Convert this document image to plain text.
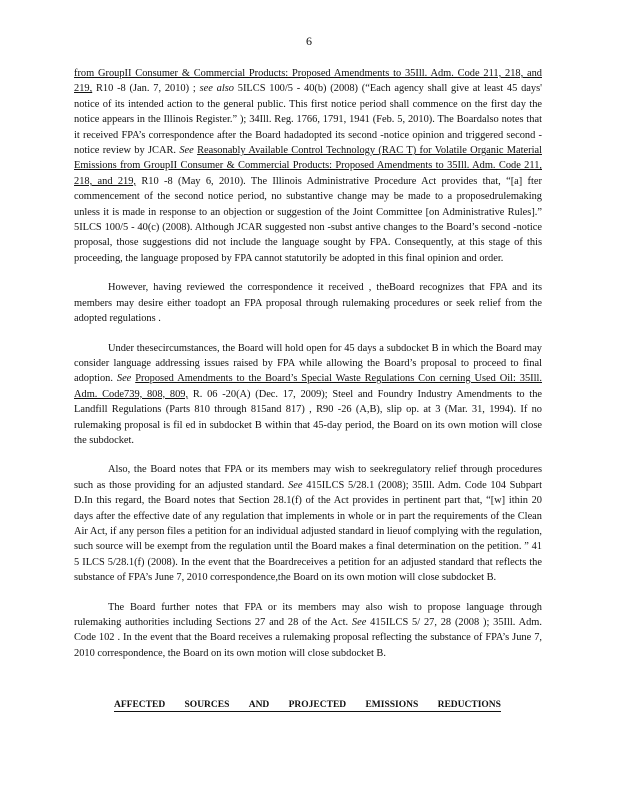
6

from GroupII Consumer & Commercial Products: Proposed Amendments to 35Ill. Adm. Code 211, 218, and 219, R10 -8 (Jan. 7, 2010) ; see also 5ILCS 100/5 - 40(b) (2008) (“Each agency shall give at least 45 days' notice of its intended action to the general public. This first notice period shall commence on the first day the notice appears in the Illinois Register.” ); 34Ill. Reg. 1766, 1791, 1941 (Feb. 5, 2010). The Boardalso notes that it received FPA’s correspondence after the Board hadadopted its second -notice opinion and triggered second -notice review by JCAR. See Reasonably Available Control Technology (RAC T) for Volatile Organic Material Emissions from GroupII Consumer & Commercial Products: Proposed Amendments to 35Ill. Adm. Code 211, 218, and 219, R10 -8 (May 6, 2010). The Illinois Administrative Procedure Act provides that, “[a] fter commencement of the second notice period, no substantive change may be made to a proposedrulemaking unless it is made in response to an objection or suggestion of the Joint Committee [on Administrative Rules].” 5ILCS 100/5 - 40(c) (2008). Although JCAR suggested non -subst antive changes to the Board’s second -notice proposal, those suggestions did not include the language sought by FPA. Consequently, at this stage of this proceeding, the language proposed by FPA cannot statutorily be adopted in this final opinion and order.

However, having reviewed the correspondence it received , theBoard recognizes that FPA and its members may desire either toadopt an FPA proposal through rulemaking procedures or seek relief from the adopted regulations .

Under thesecircumstances, the Board will hold open for 45 days a subdocket B in which the Board may consider language addressing issues raised by FPA while allowing the Board’s proposal to proceed to final adoption. See Proposed Amendments to the Board’s Special Waste Regulations Con cerning Used Oil: 35Ill. Adm. Code739, 808, 809, R. 06 -20(A) (Dec. 17, 2009); Steel and Foundry Industry Amendments to the Landfill Regulations (Parts 810 through 815and 817) , R90 -26 (A,B), slip op. at 3 (Mar. 31, 1994). If no rulemaking proposal is fil ed in subdocket B within that 45-day period, the Board on its own motion will close the subdocket.

Also, the Board notes that FPA or its members may wish to seekregulatory relief through procedures such as those providing for an adjusted standard. See 415ILCS 5/28.1 (2008); 35Ill. Adm. Code 104 Subpart D.In this regard, the Board notes that Section 28.1(f) of the Act provides in pertinent part that, “[w] ithin 20 days after the effective date of any regulation that implements in whole or in part the requirements of the Clean Air Act, if any person files a petition for an individual adjusted standard in lieuof complying with the regulation, such source will be exempt from the regulation until the Board makes a final determination on the petition. ” 41 5 ILCS 5/28.1(f) (2008). In the event that the Boardreceives a petition for an adjusted standard that reflects the substance of FPA’s June 7, 2010 correspondence,the Board on its own motion will close subdocket B.

The Board further notes that FPA or its members may also wish to propose language through rulemaking authorities including Sections 27 and 28 of the Act. See 415ILCS 5/ 27, 28 (2008 ); 35Ill. Adm. Code 102 . In the event that the Board receives a rulemaking proposal reflecting the substance of FPA’s June 7, 2010 correspondence, the Board on its own motion will close subdocket B.

AFFECTED SOURCES AND PROJECTED EMISSIONS REDUCTIONS
